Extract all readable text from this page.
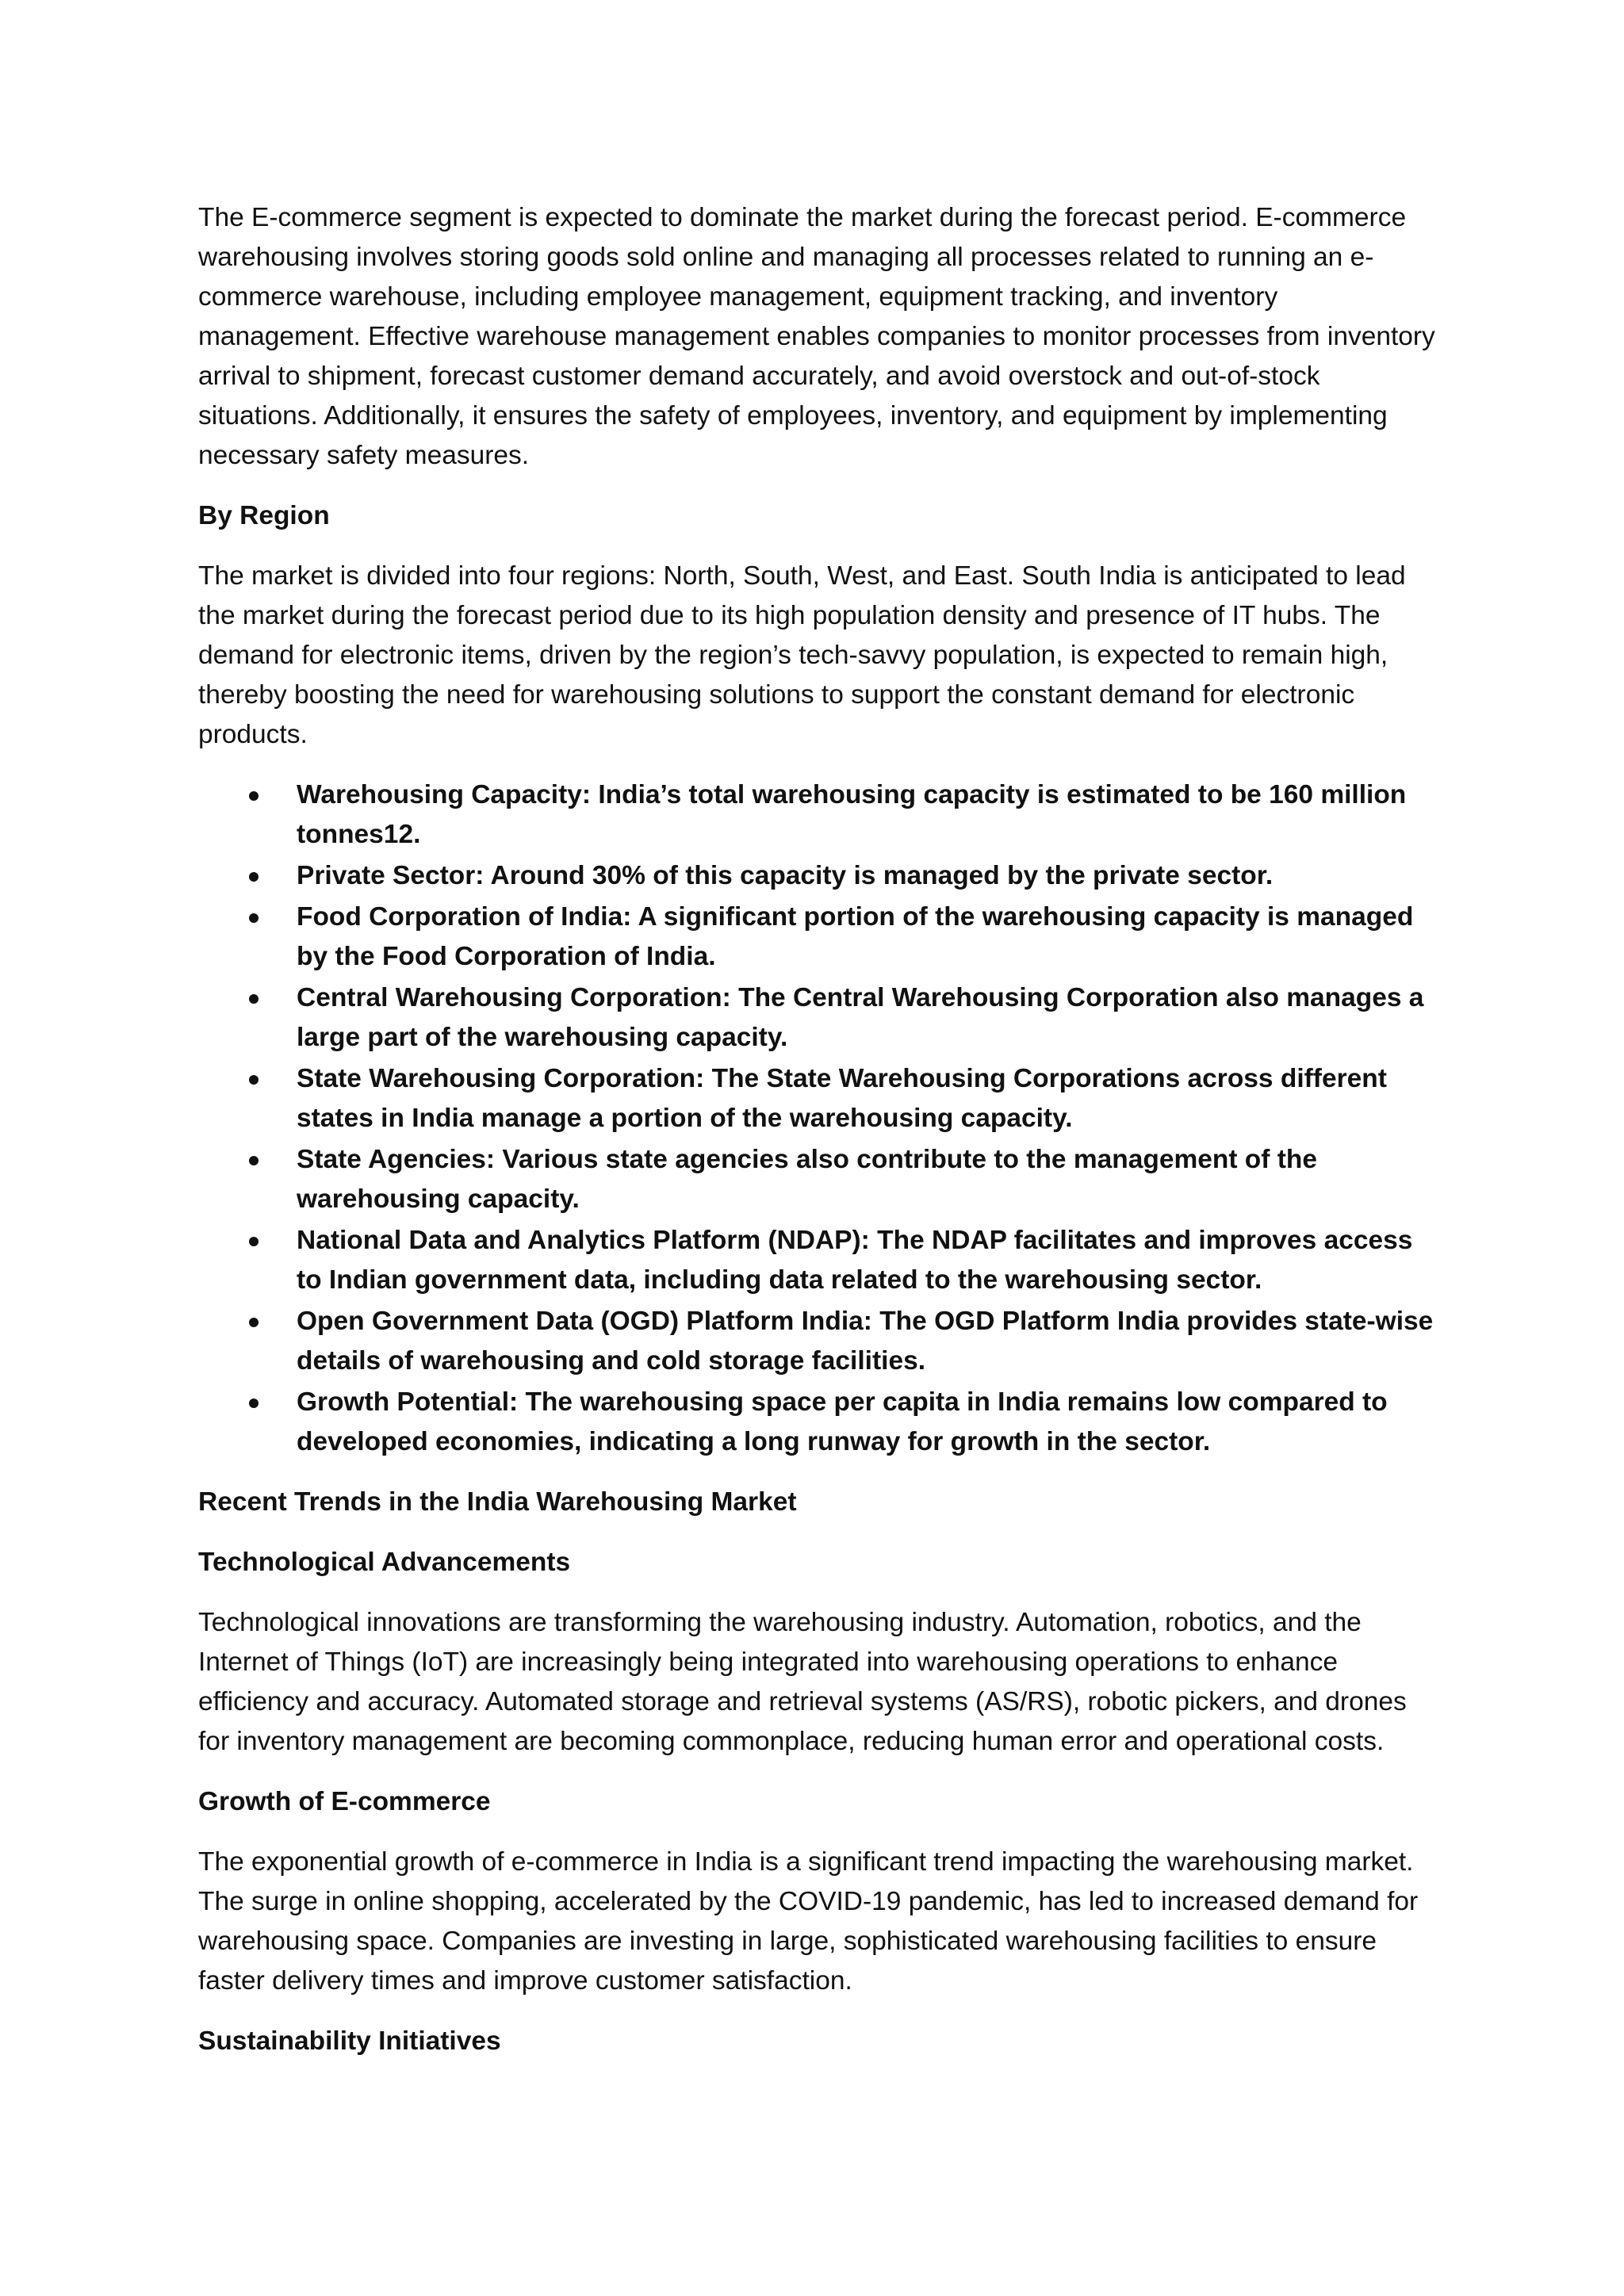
The E-commerce segment is expected to dominate the market during the forecast period. E-commerce warehousing involves storing goods sold online and managing all processes related to running an e-commerce warehouse, including employee management, equipment tracking, and inventory management. Effective warehouse management enables companies to monitor processes from inventory arrival to shipment, forecast customer demand accurately, and avoid overstock and out-of-stock situations. Additionally, it ensures the safety of employees, inventory, and equipment by implementing necessary safety measures.

By Region

The market is divided into four regions: North, South, West, and East. South India is anticipated to lead the market during the forecast period due to its high population density and presence of IT hubs. The demand for electronic items, driven by the region’s tech-savvy population, is expected to remain high, thereby boosting the need for warehousing solutions to support the constant demand for electronic products.

Warehousing Capacity: India’s total warehousing capacity is estimated to be 160 million tonnes12.
Private Sector: Around 30% of this capacity is managed by the private sector.
Food Corporation of India: A significant portion of the warehousing capacity is managed by the Food Corporation of India.
Central Warehousing Corporation: The Central Warehousing Corporation also manages a large part of the warehousing capacity.
State Warehousing Corporation: The State Warehousing Corporations across different states in India manage a portion of the warehousing capacity.
State Agencies: Various state agencies also contribute to the management of the warehousing capacity.
National Data and Analytics Platform (NDAP): The NDAP facilitates and improves access to Indian government data, including data related to the warehousing sector.
Open Government Data (OGD) Platform India: The OGD Platform India provides state-wise details of warehousing and cold storage facilities.
Growth Potential: The warehousing space per capita in India remains low compared to developed economies, indicating a long runway for growth in the sector.
Recent Trends in the India Warehousing Market
Technological Advancements

Technological innovations are transforming the warehousing industry. Automation, robotics, and the Internet of Things (IoT) are increasingly being integrated into warehousing operations to enhance efficiency and accuracy. Automated storage and retrieval systems (AS/RS), robotic pickers, and drones for inventory management are becoming commonplace, reducing human error and operational costs.

Growth of E-commerce

The exponential growth of e-commerce in India is a significant trend impacting the warehousing market. The surge in online shopping, accelerated by the COVID-19 pandemic, has led to increased demand for warehousing space. Companies are investing in large, sophisticated warehousing facilities to ensure faster delivery times and improve customer satisfaction.

Sustainability Initiatives
